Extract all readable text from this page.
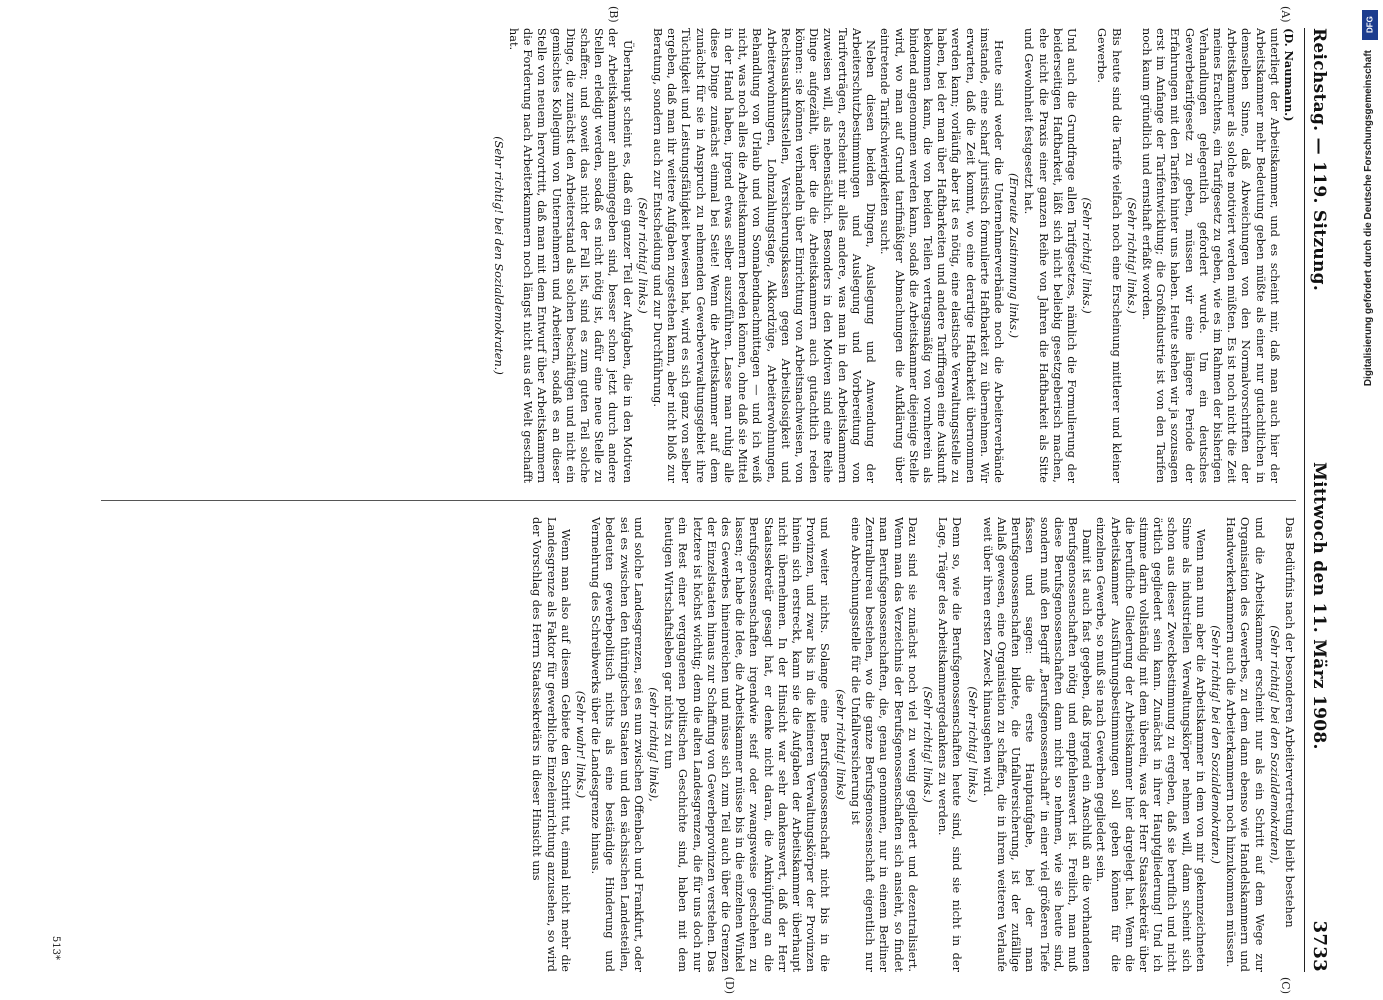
Reichstag. — 119. Sitzung.
Mittwoch den 11. März 1908.
3733
(A)
(B)

(D. Naumann.)

unterliegt der Arbeitskammer, und es scheint mir, daß man auch hier der Arbeitskammer mehr Bedeutung geben müßte als einer nur gutachtlichen in demselben Sinne, daß Abweichungen von den Normalvorschriften der Arbeitskammer als solche motiviert werden müßten. Es ist noch nicht die Zeit meines Erachtens, ein Tarifgesetz zu geben, wie es im Rahmen der bisherigen Verhandlungen gelegentlich gefordert wurde. Um ein deutsches Gewerbetarifgesetz zu geben, müssen wir eine längere Periode der Erfahrungen mit den Tarifen hinter uns haben. Heute stehen wir ja sozusagen erst im Anfange der Tarifentwicklung; die Großindustrie ist von den Tarifen noch kaum gründlich und ernsthaft erfaßt worden.

(Sehr richtig! links.)

Bis heute sind die Tarife vielfach noch eine Erscheinung mittlerer und kleiner Gewerbe.

(Sehr richtig! links.)

Und auch die Grundfrage allen Tarifgesetzes, nämlich die Formulierung der beiderseitigen Haftbarkeit, läßt sich nicht beliebig gesetzgeberisch machen, ehe nicht die Praxis einer ganzen Reihe von Jahren die Haftbarkeit als Sitte und Gewohnheit festgesetzt hat.

(Erneute Zustimmung links.)

Heute sind weder die Unternehmerverbände noch die Arbeiterverbände imstande, eine scharf juristisch formulierte Haftbarkeit zu übernehmen. Wir erwarten, daß die Zeit kommt, wo eine derartige Haftbarkeit übernommen werden kann; vorläufig aber ist es nötig, eine elastische Verwaltungsstelle zu haben, bei der man über Haftbarkeiten und andere Tariffragen eine Auskunft bekommen kann, die von beiden Teilen vertragsmäßig von vornherein als bindend angenommen werden kann, sodaß die Arbeitskammer diejenige Stelle wird, wo man auf Grund tarifmäßiger Abmachungen die Aufklärung über eintretende Tarifschwierigkeiten sucht.

Neben diesen beiden Dingen, Auslegung und Anwendung der Arbeiterschutzbestimmungen und Auslegung und Vorbereitung von Tarifverträgen, erscheint mir alles andere, was man in den Arbeitskammern zuweisen will, als nebensächlich. Besonders in den Motiven sind eine Reihe Dinge aufgezählt, über die die Arbeitskammern auch gutachtlich reden können: sie können verhandeln über Einrichtung von Arbeitsnachweisen, von Rechtsauskunftsstellen, Versicherungskassen gegen Arbeitslosigkeit und Arbeiterwohnungen, Lohnzahlungstage, Akkordzüge, Arbeiterwohnungen, Behandlung von Urlaub und von Sonnabendnachmittagen — und ich weiß nicht, was noch alles die Arbeitskammern bereden können, ohne daß sie Mittel in der Hand haben, irgend etwas selber auszuführen. Lasse man ruhig alle diese Dinge zunächst einmal bei Seite! Wenn die Arbeitskammer auf dem zunächst für sie in Anspruch zu nehmenden Gewerbeverwaltungsgebiet ihre Tüchtigkeit und Leistungsfähigkeit bewiesen hat, wird es sich ganz von selber ergeben, daß man ihr weitere Aufgaben zugestehen kann, aber nicht bloß zur Beratung, sondern auch zur Entscheidung und zur Durchführung.

(Sehr richtig! links.)

Überhaupt scheint es, daß ein ganzer Teil der Aufgaben, die in den Motiven der Arbeitskammer anheimgegeben sind, besser schon jetzt durch andere Stellen erledigt werden, sodaß es nicht nötig ist, dafür eine neue Stelle zu schaffen; und soweit das nicht der Fall ist, sind es zum guten Teil solche Dinge, die zunächst den Arbeiterstand als solchen beschäftigen und nicht ein gemischtes Kollegium von Unternehmern und Arbeitern, sodaß es an dieser Stelle von neuem hervortritt, daß man mit dem Entwurf über Arbeitskammern die Forderung nach Arbeiterkammern noch längst nicht aus der Welt geschafft hat.

(Sehr richtig! bei den Sozialdemokraten.)

(C)
(D)

Das Bedürfnis nach der besonderen Arbeitervertretung bleibt bestehen

(Sehr richtig! bei den Sozialdemokraten),

und die Arbeitskammer erscheint nur als ein Schritt auf dem Wege zur Organisation des Gewerbes, zu dem dann ebenso wie Handelskammern und Handwerkerkammern auch die Arbeiterkammern noch hinzukommen müssen.

(Sehr richtig! bei den Sozialdemokraten.)

Wenn man nun aber die Arbeitskammer in dem von mir gekennzeichneten Sinne als industriellen Verwaltungskörper nehmen will, dann scheint sich schon aus dieser Zweckbestimmung zu ergeben, daß sie beruflich und nicht örtlich gegliedert sein kann. Zunächst in ihrer Hauptgliederung! Und ich stimme darin vollständig mit dem überein, was der Herr Staatssekretär über die berufliche Gliederung der Arbeitskammer hier dargelegt hat. Wenn die Arbeitskammer Ausführungsbestimmungen soll geben können für die einzelnen Gewerbe, so muß sie nach Gewerben gegliedert sein.

Damit ist auch fast gegeben, daß irgend ein Anschluß an die vorhandenen Berufsgenossenschaften nötig und empfehlenswert ist. Freilich, man muß diese Berufsgenossenschaften dann nicht so nehmen, wie sie heute sind, sondern muß den Begriff „Berufsgenossenschaft“ in einer viel größeren Tiefe fassen und sagen: die erste Hauptaufgabe, bei der man Berufsgenossenschaften bildete, die Unfallversicherung, ist der zufällige Anlaß gewesen, eine Organisation zu schaffen, die in ihrem weiteren Verlaufe weit über ihren ersten Zweck hinausgehen wird.

(Sehr richtig! links.)

Denn so, wie die Berufsgenossenschaften heute sind, sind sie nicht in der Lage, Träger des Arbeitskammergedankens zu werden.

(Sehr richtig! links.)

Dazu sind sie zunächst noch viel zu wenig gegliedert und dezentralisiert. Wenn man das Verzeichnis der Berufsgenossenschaften sich ansieht, so findet man Berufsgenossenschaften, die, genau genommen, nur in einem Berliner Zentralbureau bestehen, wo die ganze Berufsgenossenschaft eigentlich nur eine Abrechnungsstelle für die Unfallversicherung ist

(sehr richtig! links)

und weiter nichts. Solange eine Berufsgenossenschaft nicht bis in die Provinzen, und zwar bis in die kleineren Verwaltungskörper der Provinzen hinein sich erstreckt, kann sie die Aufgaben der Arbeitskammer überhaupt nicht übernehmen. In der Hinsicht war sehr dankenswert, daß der Herr Staatssekretär gesagt hat, er denke nicht daran, die Anknüpfung an die Berufsgenossenschaften irgendwie steif oder zwangsweise geschehen zu lassen; er habe die Idee, die Arbeitskammer müsse bis in die einzelnen Winkel des Gewerbes hineinreichen und müsse sich zum Teil auch über die Grenzen der Einzelstaaten hinaus zur Schaffung von Gewerbeprovinzen verstehen. Das letztere ist höchst wichtig; denn die alten Landesgrenzen, die für uns doch nur ein Rest einer vergangenen politischen Geschichte sind, haben mit dem heutigen Wirtschaftsleben gar nichts zu tun

(sehr richtig! links),

und solche Landesgrenzen, sei es nun zwischen Offenbach und Frankfurt, oder sei es zwischen den thüringischen Staaten und den sächsischen Landesteilen, bedeuten gewerbepolitisch nichts als eine beständige Hinderung und Vermehrung des Schreibwerks über die Landesgrenze hinaus.

(Sehr wahr! links.)

Wenn man also auf diesem Gebiete den Schritt tut, einmal nicht mehr die Landesgrenze als Faktor für gewerbliche Einzeleinrichtung anzusehen, so wird der Vorschlag des Herrn Staatssekretärs in dieser Hinsicht uns

513*
DFG
Digitalisierung gefördert durch die Deutsche Forschungsgemeinschaft
